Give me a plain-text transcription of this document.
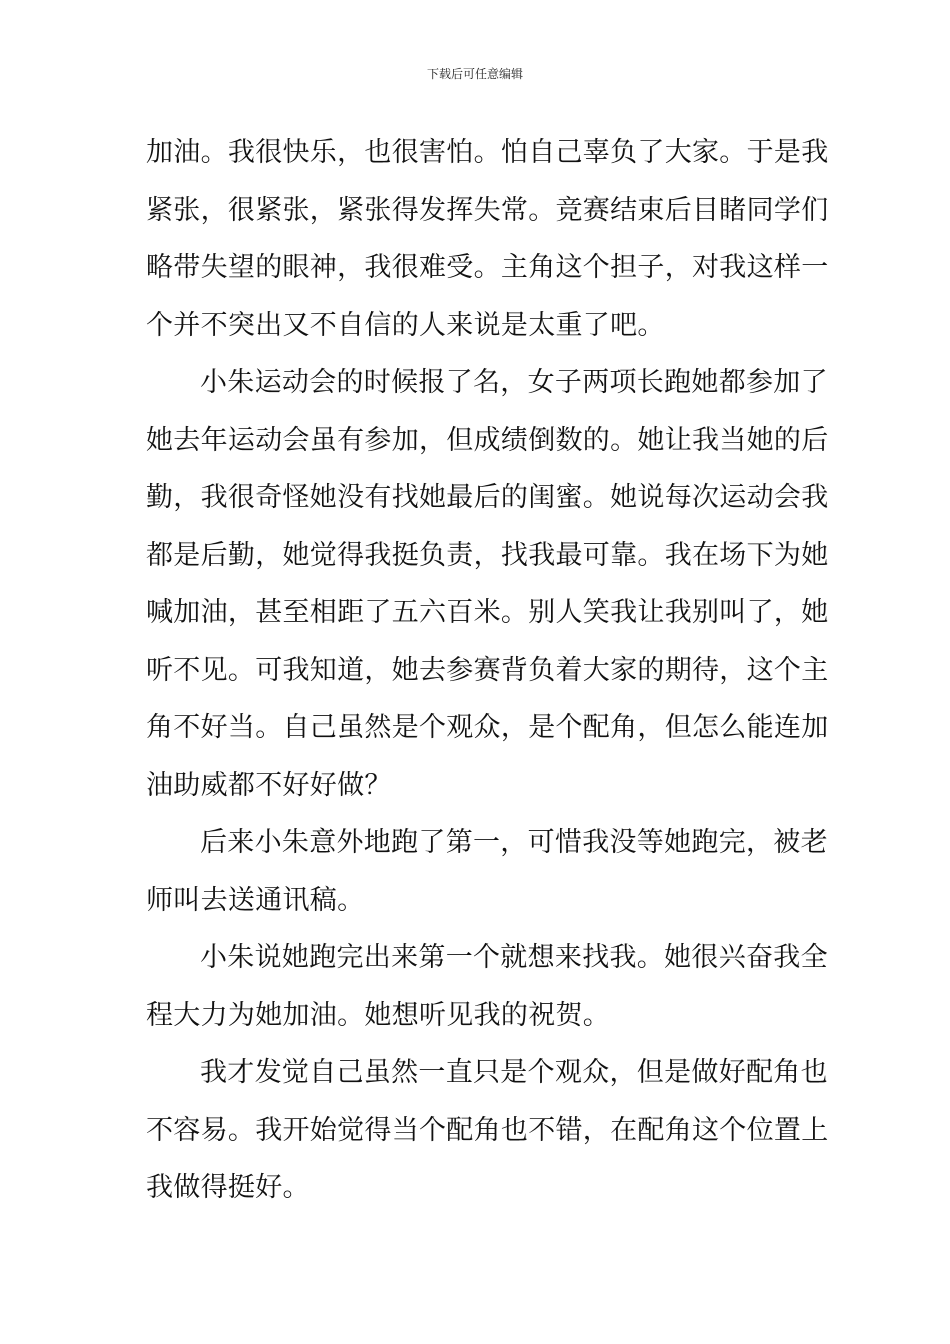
下载后可任意编辑
加油。我很快乐，也很害怕。怕自己辜负了大家。于是我
紧张，很紧张，紧张得发挥失常。竞赛结束后目睹同学们
略带失望的眼神，我很难受。主角这个担子，对我这样一
个并不突出又不自信的人来说是太重了吧。
小朱运动会的时候报了名，女子两项长跑她都参加了
她去年运动会虽有参加，但成绩倒数的。她让我当她的后
勤，我很奇怪她没有找她最后的闺蜜。她说每次运动会我
都是后勤，她觉得我挺负责，找我最可靠。我在场下为她
喊加油，甚至相距了五六百米。别人笑我让我别叫了，她
听不见。可我知道，她去参赛背负着大家的期待，这个主
角不好当。自己虽然是个观众，是个配角，但怎么能连加
油助威都不好好做？
后来小朱意外地跑了第一，可惜我没等她跑完，被老
师叫去送通讯稿。
小朱说她跑完出来第一个就想来找我。她很兴奋我全
程大力为她加油。她想听见我的祝贺。
我才发觉自己虽然一直只是个观众，但是做好配角也
不容易。我开始觉得当个配角也不错，在配角这个位置上
我做得挺好。
